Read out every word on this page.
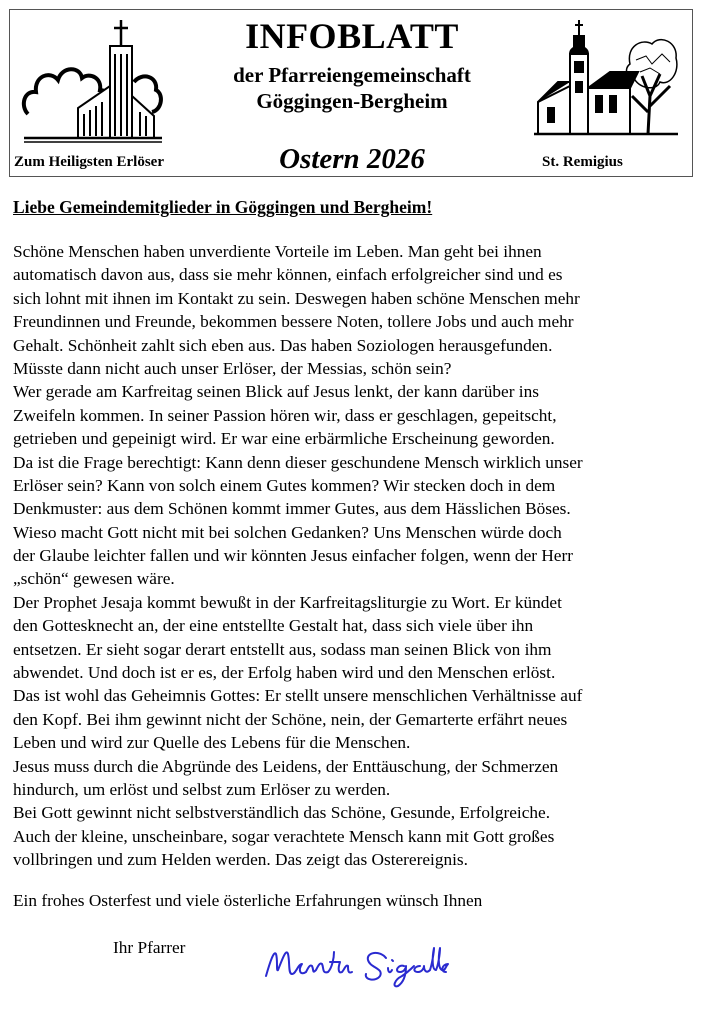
INFOBLATT
der Pfarreiengemeinschaft
Göggingen-Bergheim
Zum Heiligsten Erlöser	Ostern 2026	St. Remigius
Liebe Gemeindemitglieder in Göggingen und Bergheim!
Schöne Menschen haben unverdiente Vorteile im Leben. Man geht bei ihnen
automatisch davon aus, dass sie mehr können, einfach erfolgreicher sind und es
sich lohnt mit ihnen im Kontakt zu sein. Deswegen haben schöne Menschen mehr
Freundinnen und Freunde, bekommen bessere Noten, tollere Jobs und auch mehr
Gehalt. Schönheit zahlt sich eben aus. Das haben Soziologen herausgefunden.
Müsste dann nicht auch unser Erlöser, der Messias, schön sein?
Wer gerade am Karfreitag seinen Blick auf Jesus lenkt, der kann darüber ins
Zweifeln kommen. In seiner Passion hören wir, dass er geschlagen, gepeitscht,
getrieben und gepeinigt wird. Er war eine erbärmliche Erscheinung geworden.
Da ist die Frage berechtigt: Kann denn dieser geschundene Mensch wirklich unser
Erlöser sein? Kann von solch einem Gutes kommen? Wir stecken doch in dem
Denkmuster: aus dem Schönen kommt immer Gutes, aus dem Hässlichen Böses.
Wieso macht Gott nicht mit bei solchen Gedanken? Uns Menschen würde doch
der Glaube leichter fallen und wir könnten Jesus einfacher folgen, wenn der Herr
„schön“ gewesen wäre.
Der Prophet Jesaja kommt bewußt in der Karfreitagsliturgie zu Wort. Er kündet
den Gottesknecht an, der eine entstellte Gestalt hat, dass sich viele über ihn
entsetzen. Er sieht sogar derart entstellt aus, sodass man seinen Blick von ihm
abwendet. Und doch ist er es, der Erfolg haben wird und den Menschen erlöst.
Das ist wohl das Geheimnis Gottes: Er stellt unsere menschlichen Verhältnisse auf
den Kopf. Bei ihm gewinnt nicht der Schöne, nein, der Gemarterte erfährt neues
Leben und wird zur Quelle des Lebens für die Menschen.
Jesus muss durch die Abgründe des Leidens, der Enttäuschung, der Schmerzen
hindurch, um erlöst und selbst zum Erlöser zu werden.
Bei Gott gewinnt nicht selbstverständlich das Schöne, Gesunde, Erfolgreiche.
Auch der kleine, unscheinbare, sogar verachtete Mensch kann mit Gott großes
vollbringen und zum Helden werden. Das zeigt das Osterereignis.
Ein frohes Osterfest und viele österliche Erfahrungen wünsch Ihnen
Ihr Pfarrer
